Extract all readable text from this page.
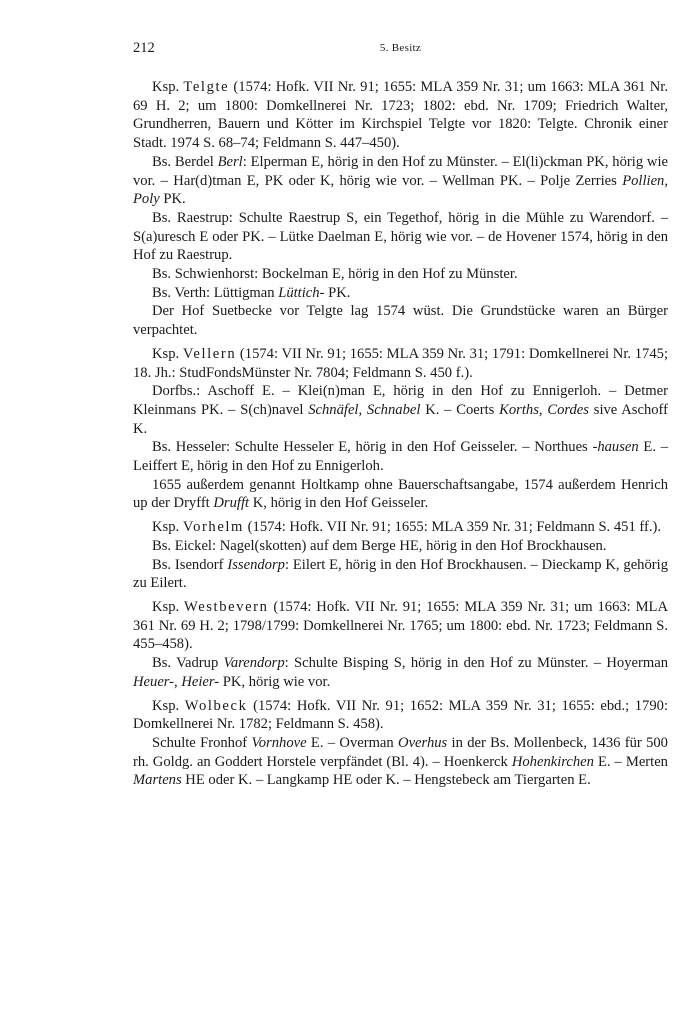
212	5. Besitz

Ksp. Telgte (1574: Hofk. VII Nr. 91; 1655: MLA 359 Nr. 31; um 1663: MLA 361 Nr. 69 H. 2; um 1800: Domkellnerei Nr. 1723; 1802: ebd. Nr. 1709; Friedrich Walter, Grundherren, Bauern und Kötter im Kirchspiel Telgte vor 1820: Telgte. Chronik einer Stadt. 1974 S. 68–74; Feldmann S. 447–450).

Bs. Berdel Berl: Elperman E, hörig in den Hof zu Münster. – El(li)ckman PK, hörig wie vor. – Har(d)tman E, PK oder K, hörig wie vor. – Wellman PK. – Polje Zerries Pollien, Poly PK.

Bs. Raestrup: Schulte Raestrup S, ein Tegethof, hörig in die Mühle zu Warendorf. – S(a)uresch E oder PK. – Lütke Daelman E, hörig wie vor. – de Hovener 1574, hörig in den Hof zu Raestrup.

Bs. Schwienhorst: Bockelman E, hörig in den Hof zu Münster.

Bs. Verth: Lüttigman Lüttich- PK.

Der Hof Suetbecke vor Telgte lag 1574 wüst. Die Grundstücke waren an Bürger verpachtet.

Ksp. Vellern (1574: VII Nr. 91; 1655: MLA 359 Nr. 31; 1791: Domkellnerei Nr. 1745; 18. Jh.: StudFondsMünster Nr. 7804; Feldmann S. 450 f.).

Dorfbs.: Aschoff E. – Klei(n)man E, hörig in den Hof zu Ennigerloh. – Detmer Kleinmans PK. – S(ch)navel Schnäfel, Schnabel K. – Coerts Korths, Cordes sive Aschoff K.

Bs. Hesseler: Schulte Hesseler E, hörig in den Hof Geisseler. – Northues -hausen E. – Leiffert E, hörig in den Hof zu Ennigerloh.

1655 außerdem genannt Holtkamp ohne Bauerschaftsangabe, 1574 außerdem Henrich up der Dryfft Drufft K, hörig in den Hof Geisseler.

Ksp. Vorhelm (1574: Hofk. VII Nr. 91; 1655: MLA 359 Nr. 31; Feldmann S. 451 ff.).

Bs. Eickel: Nagel(skotten) auf dem Berge HE, hörig in den Hof Brockhausen.

Bs. Isendorf Issendorp: Eilert E, hörig in den Hof Brockhausen. – Dieckamp K, gehörig zu Eilert.

Ksp. Westbevern (1574: Hofk. VII Nr. 91; 1655: MLA 359 Nr. 31; um 1663: MLA 361 Nr. 69 H. 2; 1798/1799: Domkellnerei Nr. 1765; um 1800: ebd. Nr. 1723; Feldmann S. 455–458).

Bs. Vadrup Varendorp: Schulte Bisping S, hörig in den Hof zu Münster. – Hoyerman Heuer-, Heier- PK, hörig wie vor.

Ksp. Wolbeck (1574: Hofk. VII Nr. 91; 1652: MLA 359 Nr. 31; 1655: ebd.; 1790: Domkellnerei Nr. 1782; Feldmann S. 458).

Schulte Fronhof Vornhove E. – Overman Overhus in der Bs. Mollenbeck, 1436 für 500 rh. Goldg. an Goddert Horstele verpfändet (Bl. 4). – Hoenkerck Hohenkirchen E. – Merten Martens HE oder K. – Langkamp HE oder K. – Hengstebeck am Tiergarten E.
